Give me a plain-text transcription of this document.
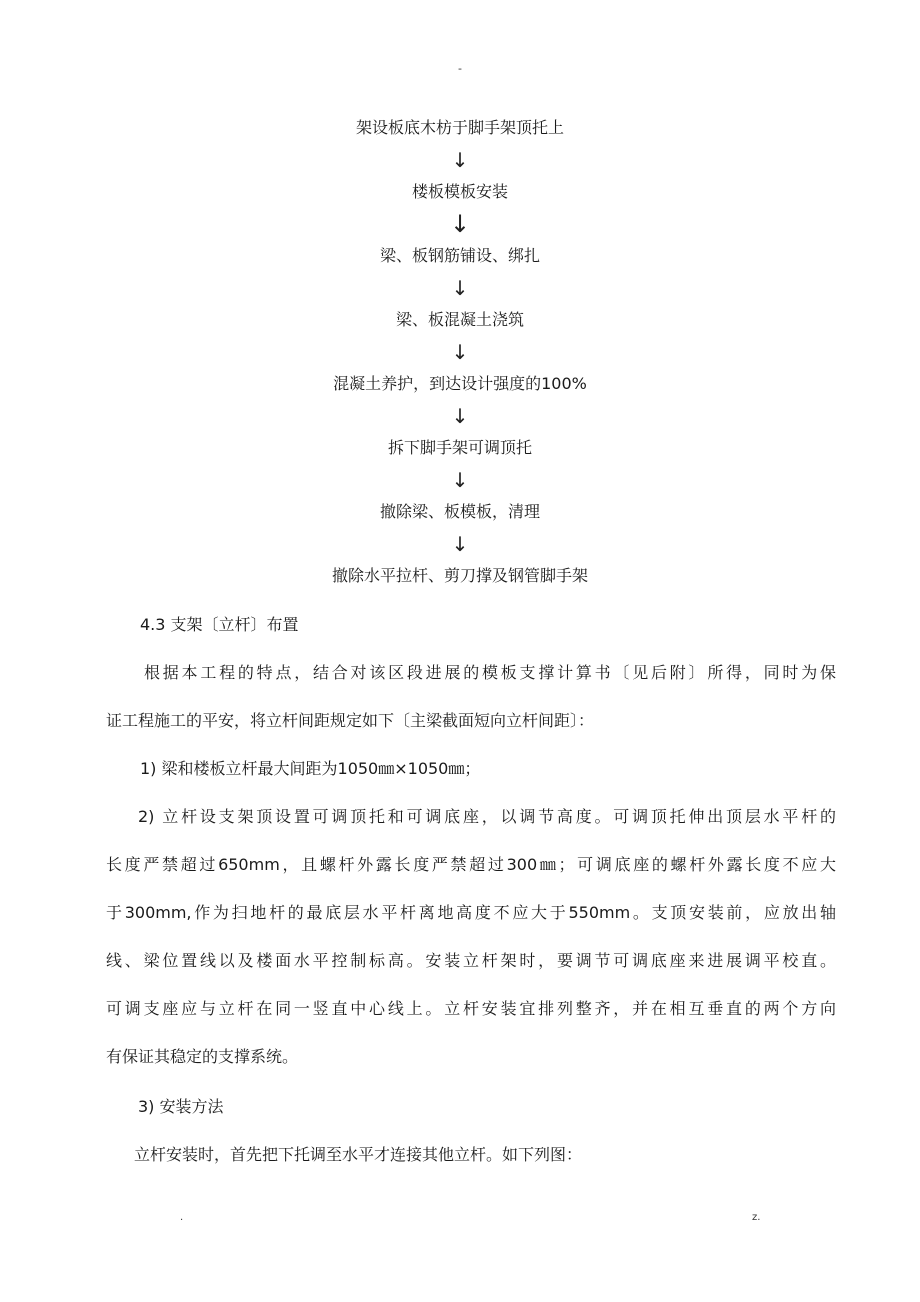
-
架设板底木枋于脚手架顶托上
↓
楼板模板安装
↓
梁、板钢筋铺设、绑扎
↓
梁、板混凝土浇筑
↓
混凝土养护，到达设计强度的100%
↓
拆下脚手架可调顶托
↓
撤除梁、板模板，清理
↓
撤除水平拉杆、剪刀撑及钢管脚手架
4.3 支架〔立杆〕布置
根据本工程的特点，结合对该区段进展的模板支撑计算书〔见后附〕所得，同时为保
证工程施工的平安，将立杆间距规定如下〔主梁截面短向立杆间距〕：
1) 梁和楼板立杆最大间距为1050㎜×1050㎜；
2) 立杆设支架顶设置可调顶托和可调底座，以调节高度。可调顶托伸出顶层水平杆的
长度严禁超过650mm，且螺杆外露长度严禁超过300㎜；可调底座的螺杆外露长度不应大
于300mm,作为扫地杆的最底层水平杆离地高度不应大于550mm。支顶安装前，应放出轴
线、梁位置线以及楼面水平控制标高。安装立杆架时，要调节可调底座来进展调平校直。
可调支座应与立杆在同一竖直中心线上。立杆安装宜排列整齐，并在相互垂直的两个方向
有保证其稳定的支撑系统。
3) 安装方法
立杆安装时，首先把下托调至水平才连接其他立杆。如下列图：
.	z.
